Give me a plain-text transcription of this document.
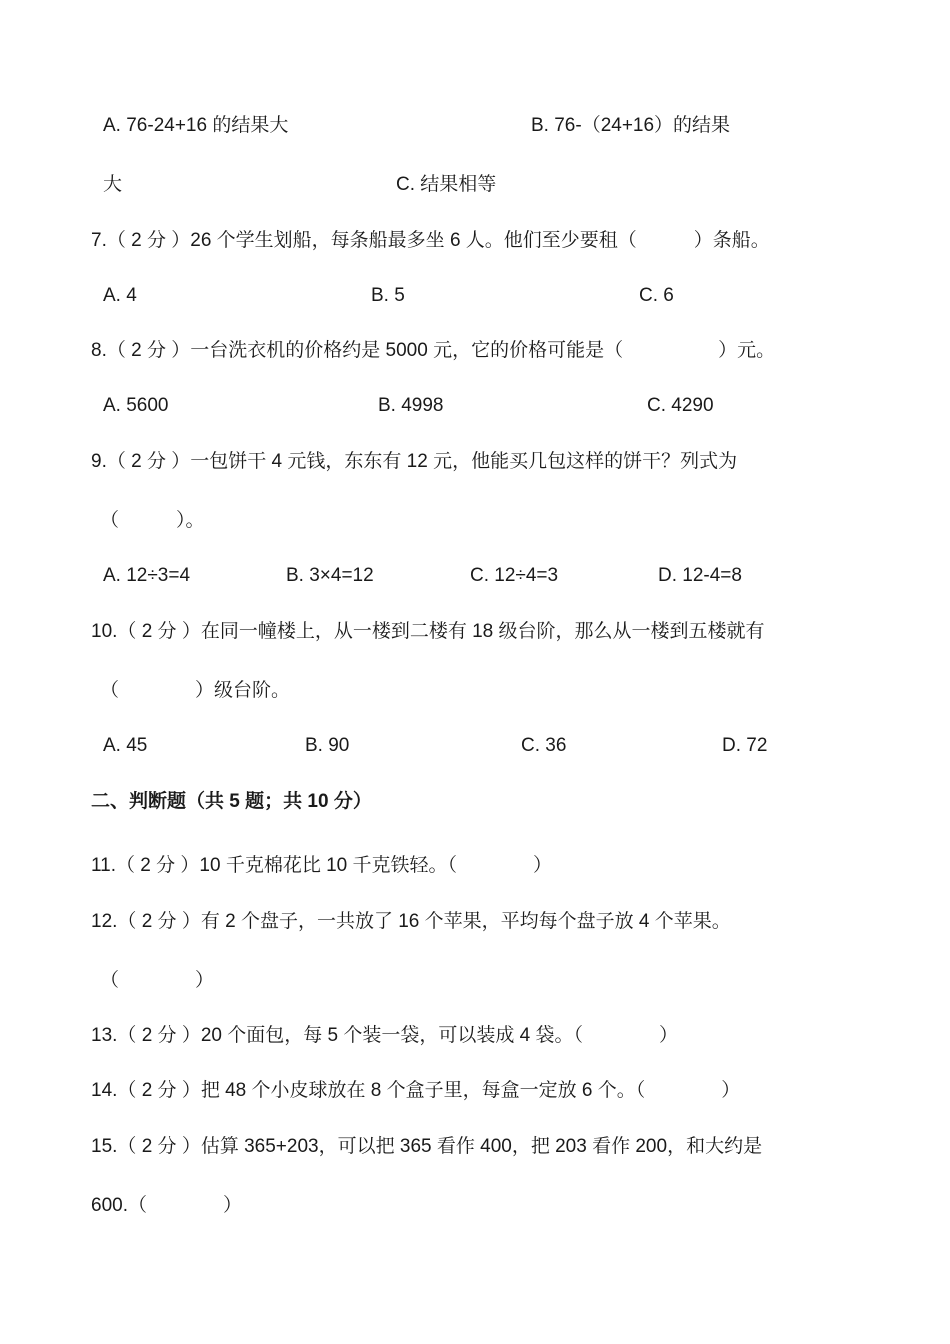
A. 76-24+16 的结果大	B. 76-（24+16）的结果
大	C. 结果相等
7.（ 2 分 ）26 个学生划船，每条船最多坐 6 人。他们至少要租（　　　）条船。
A. 4	B. 5	C. 6
8.（ 2 分 ）一台洗衣机的价格约是 5000 元，它的价格可能是（　　　　　）元。
A. 5600	B. 4998	C. 4290
9.（ 2 分 ）一包饼干 4 元钱，东东有 12 元，他能买几包这样的饼干？列式为
（　　　）。
A. 12÷3=4	B. 3×4=12	C. 12÷4=3	D. 12-4=8
10.（ 2 分 ）在同一幢楼上，从一楼到二楼有 18 级台阶，那么从一楼到五楼就有
（　　　　）级台阶。
A. 45	B. 90	C. 36	D. 72
二、判断题（共 5 题；共 10 分）
11.（ 2 分 ）10 千克棉花比 10 千克铁轻。（　　　　）
12.（ 2 分 ）有 2 个盘子，一共放了 16 个苹果，平均每个盘子放 4 个苹果。
（　　　　）
13.（ 2 分 ）20 个面包，每 5 个装一袋，可以装成 4 袋。（　　　　）
14.（ 2 分 ）把 48 个小皮球放在 8 个盒子里，每盒一定放 6 个。（　　　　）
15.（ 2 分 ）估算 365+203，可以把 365 看作 400，把 203 看作 200，和大约是
600.（　　　　）
